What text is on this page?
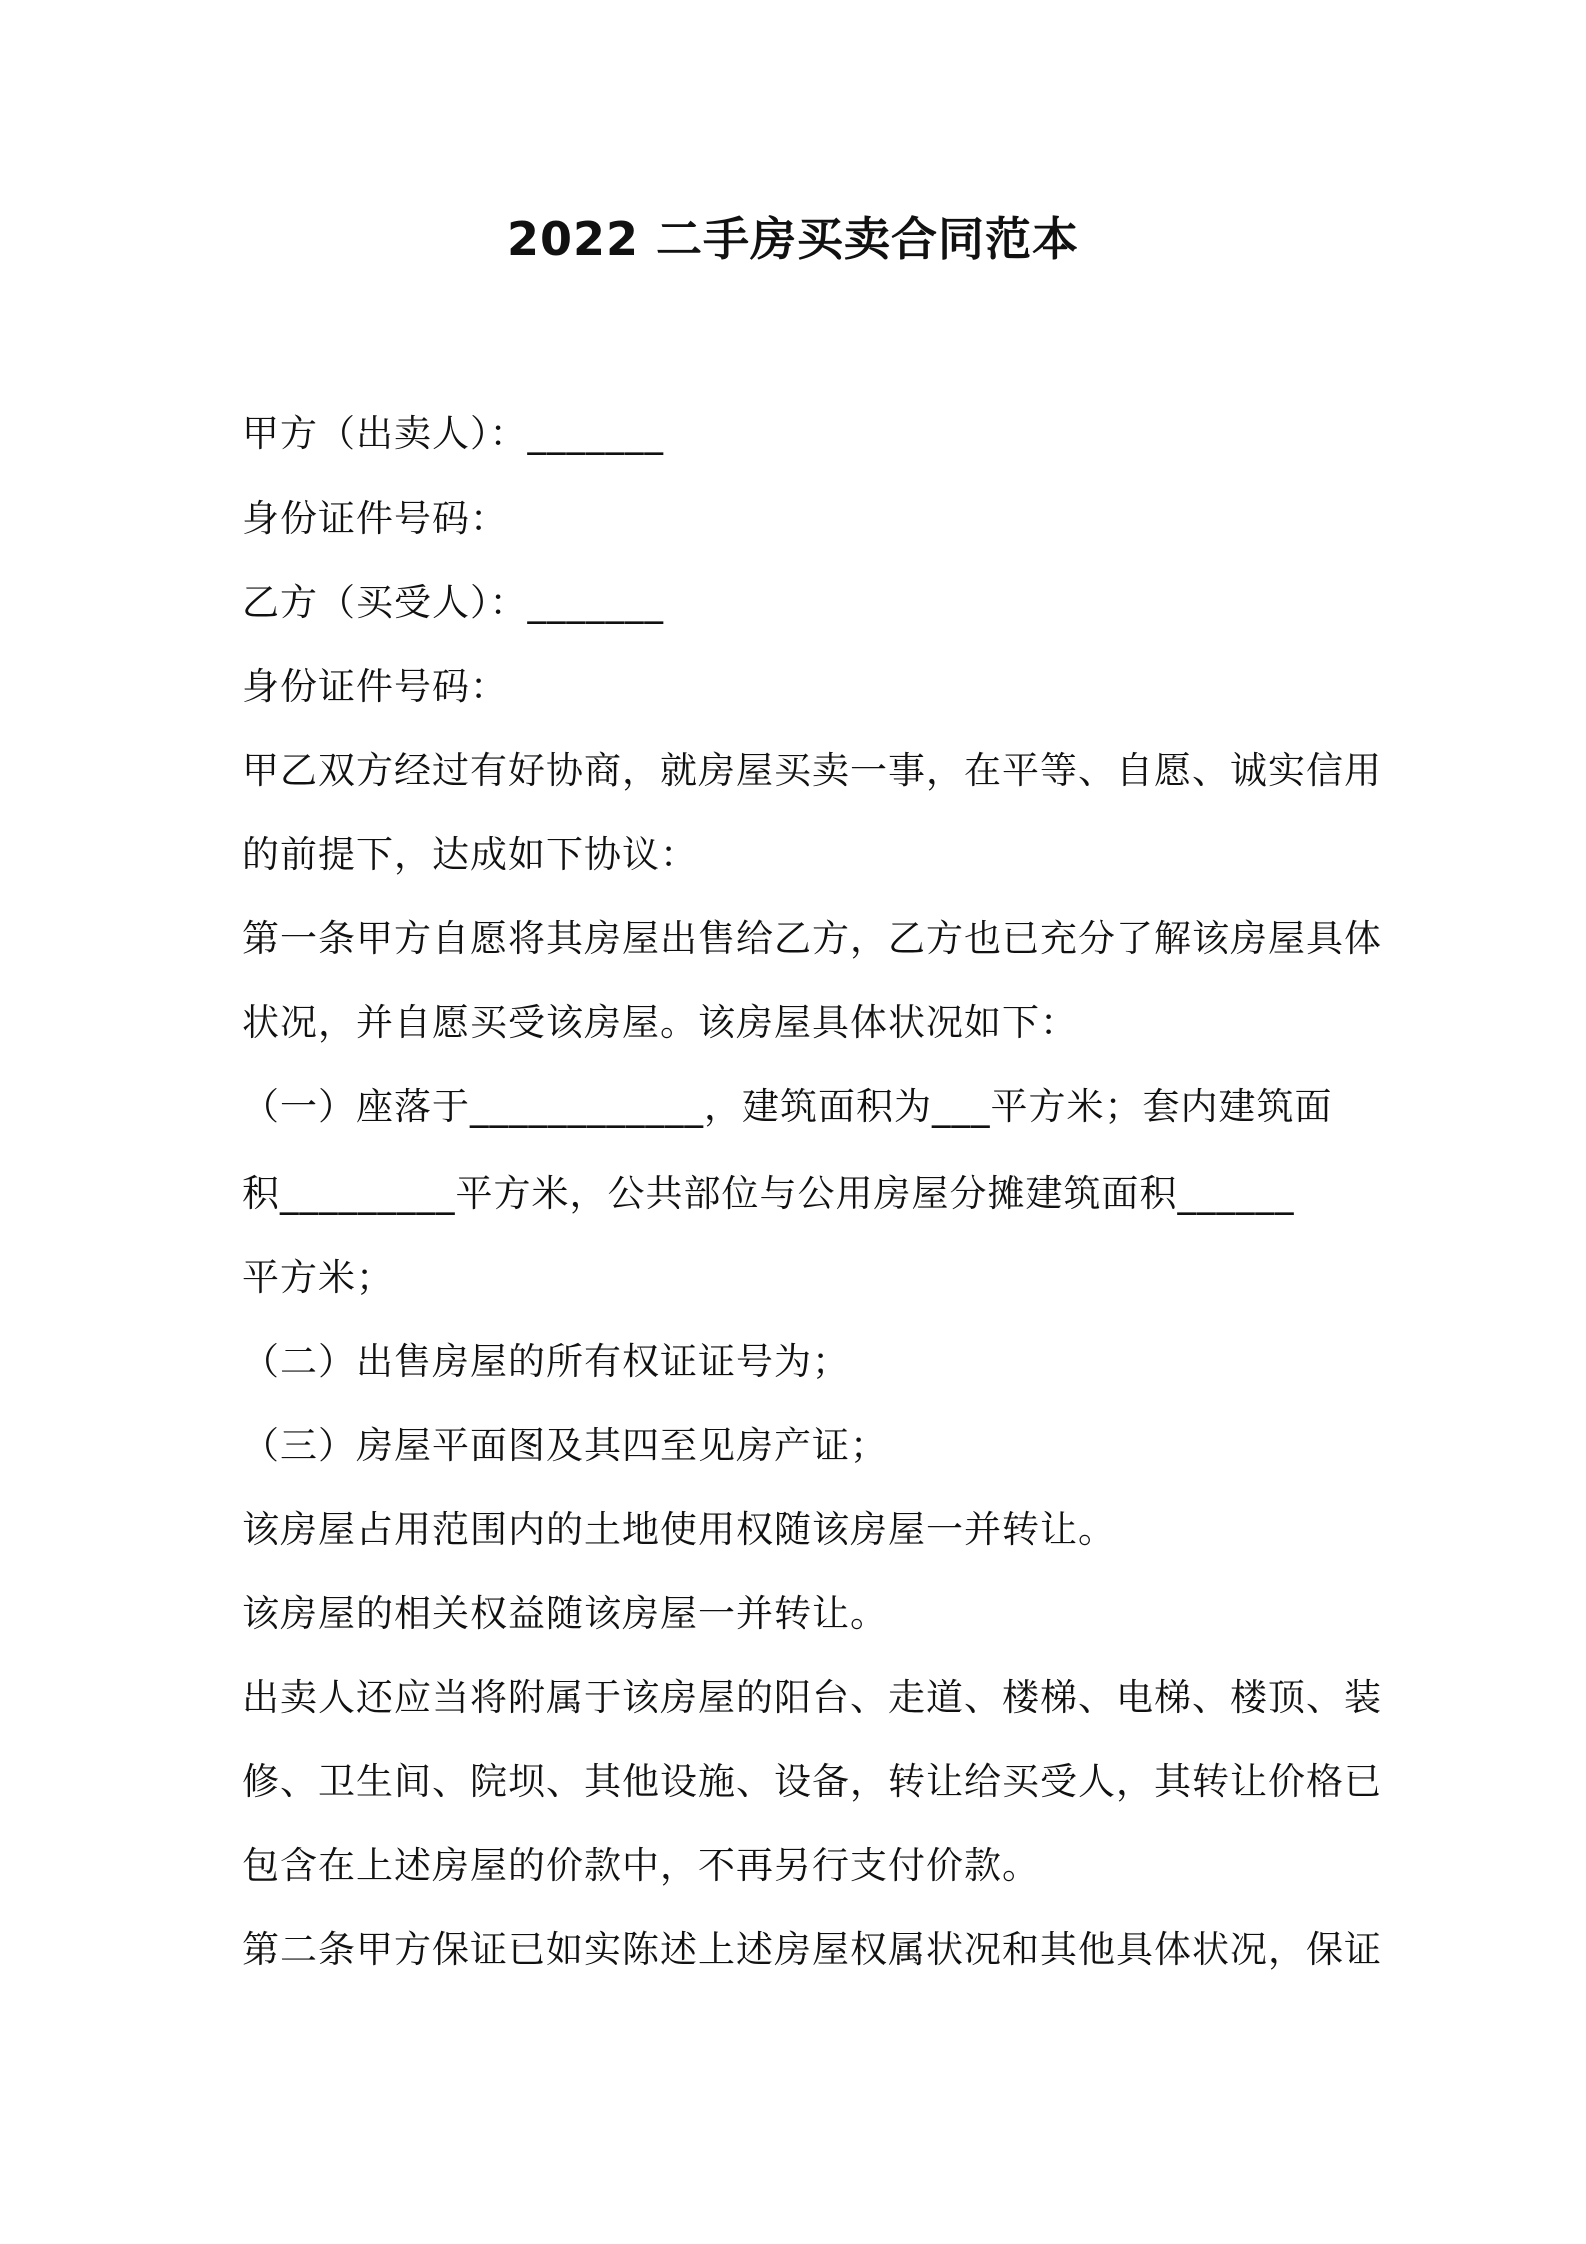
2022 二手房买卖合同范本
甲方（出卖人）：_______
身份证件号码：
乙方（买受人）：_______
身份证件号码：
甲乙双方经过有好协商，就房屋买卖一事，在平等、自愿、诚实信用
的前提下，达成如下协议：
第一条甲方自愿将其房屋出售给乙方，乙方也已充分了解该房屋具体
状况，并自愿买受该房屋。该房屋具体状况如下：
（一）座落于____________，建筑面积为___平方米；套内建筑面
积_________平方米，公共部位与公用房屋分摊建筑面积______
平方米；
（二）出售房屋的所有权证证号为；
（三）房屋平面图及其四至见房产证；
该房屋占用范围内的土地使用权随该房屋一并转让。
该房屋的相关权益随该房屋一并转让。
出卖人还应当将附属于该房屋的阳台、走道、楼梯、电梯、楼顶、装
修、卫生间、院坝、其他设施、设备，转让给买受人，其转让价格已
包含在上述房屋的价款中，不再另行支付价款。
第二条甲方保证已如实陈述上述房屋权属状况和其他具体状况，保证
